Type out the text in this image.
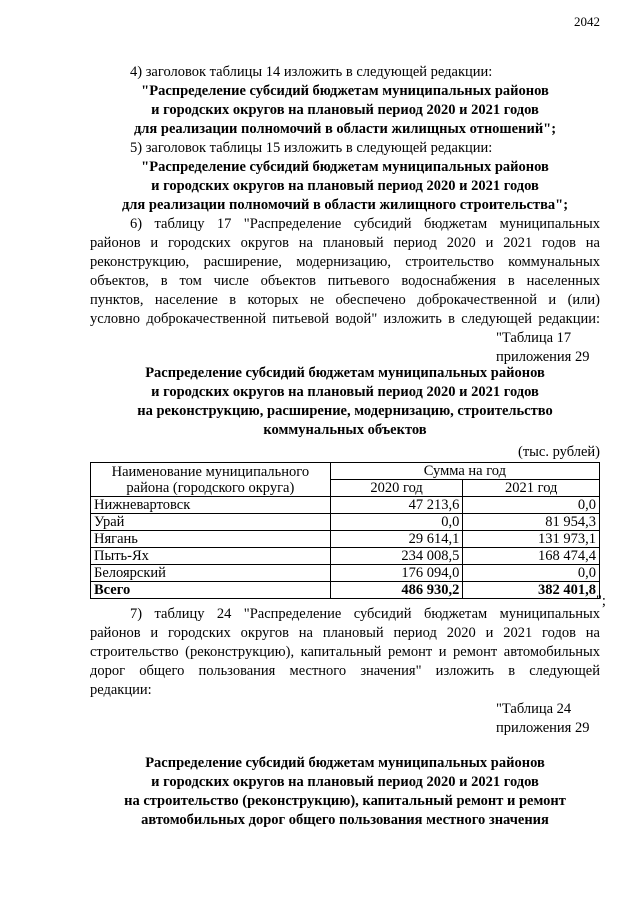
2042
4) заголовок таблицы 14 изложить в следующей редакции:
"Распределение субсидий бюджетам муниципальных районов
и городских округов на плановый период 2020 и 2021 годов
для реализации полномочий в области жилищных отношений";
5) заголовок таблицы 15 изложить в следующей редакции:
"Распределение субсидий бюджетам муниципальных районов
и городских округов на плановый период 2020 и 2021 годов
для реализации полномочий в области жилищного строительства";
6) таблицу 17 "Распределение субсидий бюджетам муниципальных
районов и городских округов на плановый период 2020 и 2021 годов на
реконструкцию, расширение, модернизацию, строительство коммунальных
объектов, в том числе объектов питьевого водоснабжения в населенных
пунктов, население в которых не обеспечено доброкачественной и (или)
условно доброкачественной питьевой водой" изложить в следующей редакции:
"Таблица 17
приложения 29
Распределение субсидий бюджетам муниципальных районов
и городских округов на плановый период 2020 и 2021 годов
на реконструкцию, расширение, модернизацию, строительство
коммунальных объектов
(тыс. рублей)
Наименование муниципального
района (городского округа)	Сумма на год	
	2020 год	2021 год
Нижневартовск	47 213,6	0,0
Урай	0,0	81 954,3
Нягань	29 614,1	131 973,1
Пыть-Ях	234 008,5	168 474,4
Белоярский	176 094,0	0,0
Всего	486 930,2	382 401,8
";
7) таблицу 24 "Распределение субсидий бюджетам муниципальных
районов и городских округов на плановый период 2020 и 2021 годов на
строительство (реконструкцию), капитальный ремонт и ремонт автомобильных
дорог общего пользования местного значения" изложить в следующей
редакции:
"Таблица 24
приложения 29
Распределение субсидий бюджетам муниципальных районов
и городских округов на плановый период 2020 и 2021 годов
на строительство (реконструкцию), капитальный ремонт и ремонт
автомобильных дорог общего пользования местного значения
